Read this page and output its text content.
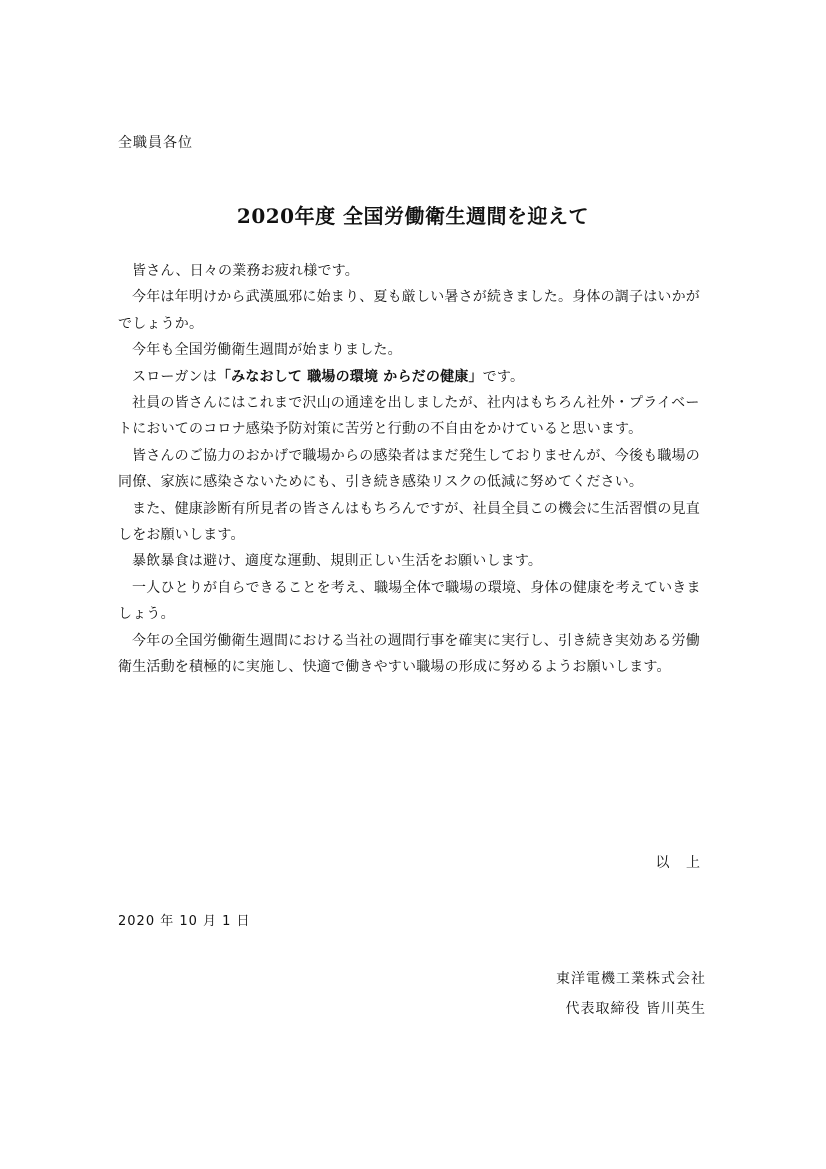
全職員各位
2020年度 全国労働衛生週間を迎えて

皆さん、日々の業務お疲れ様です。

今年は年明けから武漢風邪に始まり、夏も厳しい暑さが続きました。身体の調子はいかがでしょうか。

今年も全国労働衛生週間が始まりました。

スローガンは「みなおして 職場の環境 からだの健康」です。

社員の皆さんにはこれまで沢山の通達を出しましたが、社内はもちろん社外・プライベートにおいてのコロナ感染予防対策に苦労と行動の不自由をかけていると思います。

皆さんのご協力のおかげで職場からの感染者はまだ発生しておりませんが、今後も職場の同僚、家族に感染さないためにも、引き続き感染リスクの低減に努めてください。

また、健康診断有所見者の皆さんはもちろんですが、社員全員この機会に生活習慣の見直しをお願いします。

暴飲暴食は避け、適度な運動、規則正しい生活をお願いします。

一人ひとりが自らできることを考え、職場全体で職場の環境、身体の健康を考えていきましょう。

今年の全国労働衛生週間における当社の週間行事を確実に実行し、引き続き実効ある労働衛生活動を積極的に実施し、快適で働きやすい職場の形成に努めるようお願いします。

以 上
2020 年 10 月 1 日
東洋電機工業株式会社
代表取締役 皆川英生
